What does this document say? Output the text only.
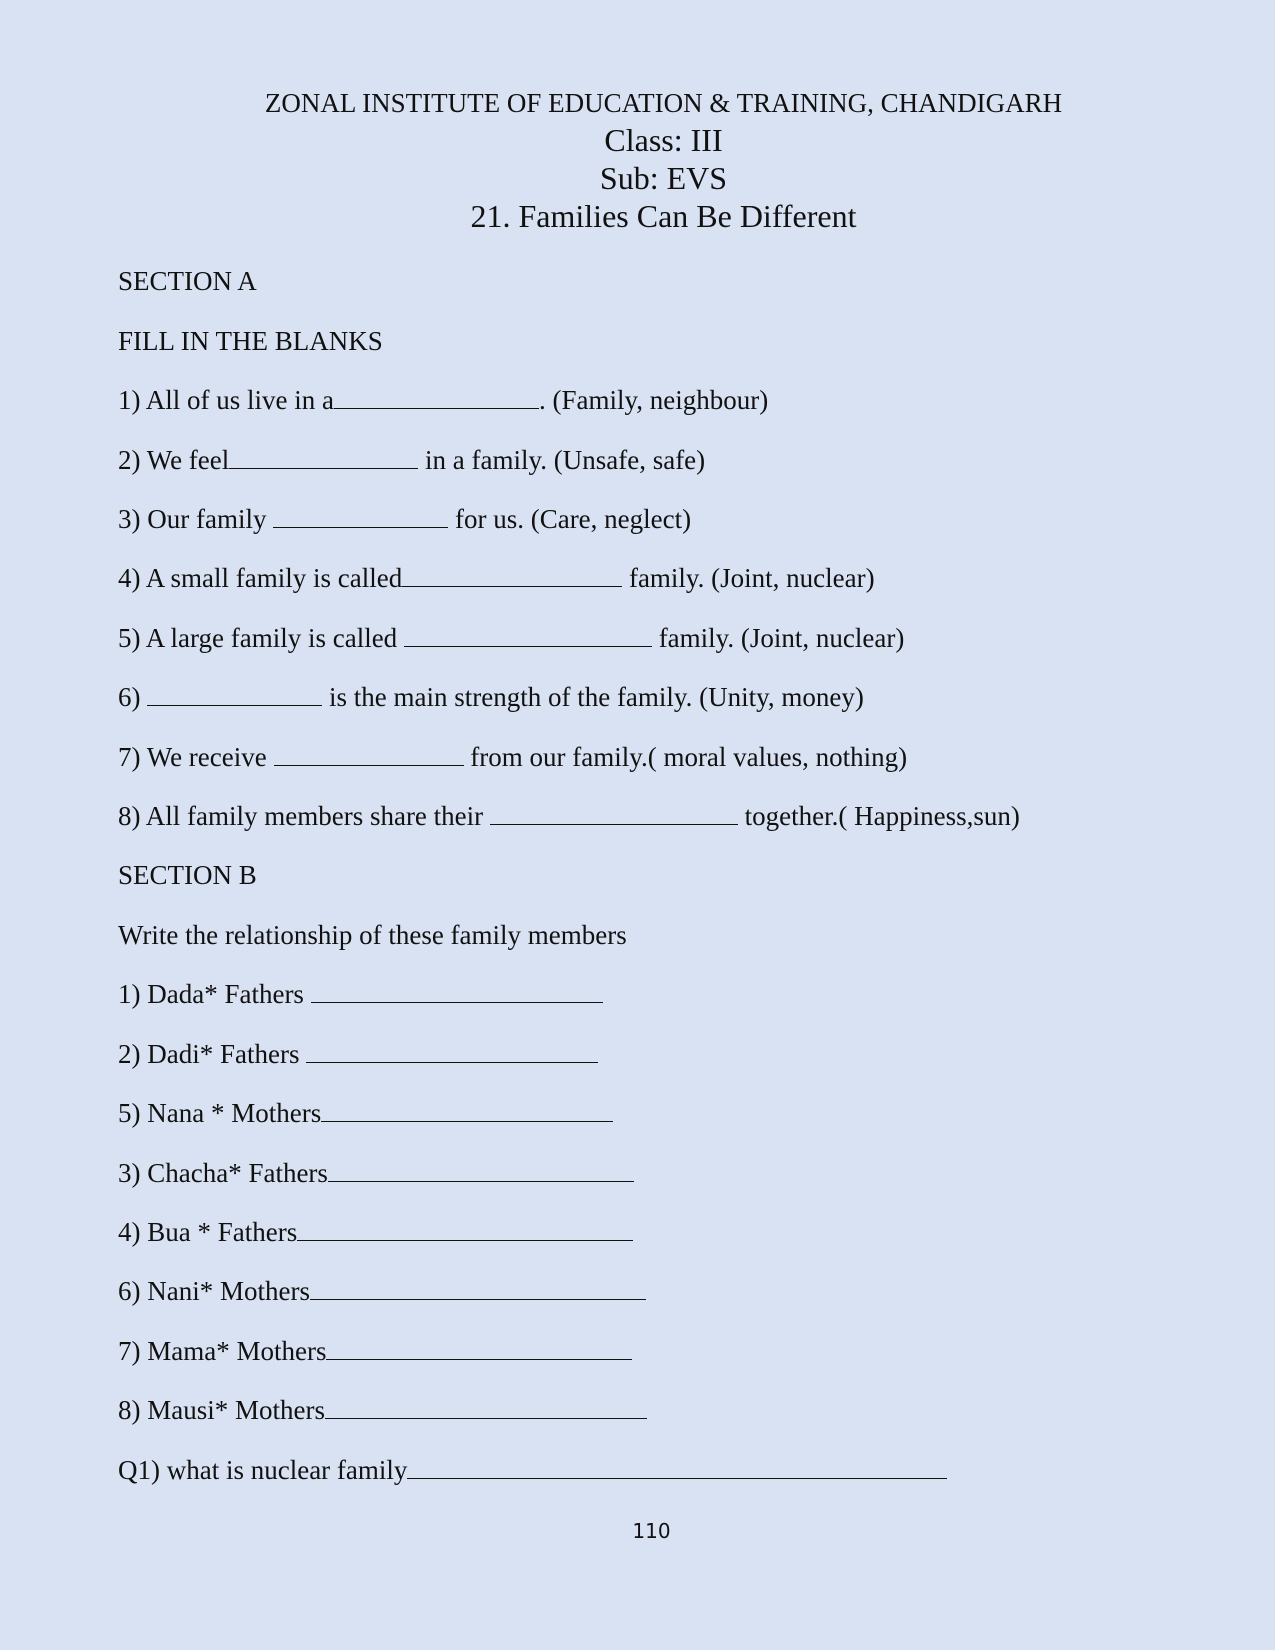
ZONAL INSTITUTE OF EDUCATION & TRAINING, CHANDIGARH
Class: III
Sub: EVS
21. Families Can Be Different
SECTION A
FILL IN THE BLANKS
1) All of us live in a	. (Family, neighbour)
2) We feel	in a family. (Unsafe, safe)
3) Our family	for us. (Care, neglect)
4) A small family is called	family. (Joint, nuclear)
5) A large family is called	family. (Joint, nuclear)
6)	is the main strength of the family. (Unity, money)
7) We receive	from our family.( moral values, nothing)
8) All family members share their	together.( Happiness,sun)
SECTION B
Write the relationship of these family members
1) Dada* Fathers
2) Dadi* Fathers
5) Nana * Mothers
3) Chacha* Fathers
4) Bua * Fathers
6) Nani* Mothers
7) Mama* Mothers
8) Mausi* Mothers
Q1) what is nuclear family
110
